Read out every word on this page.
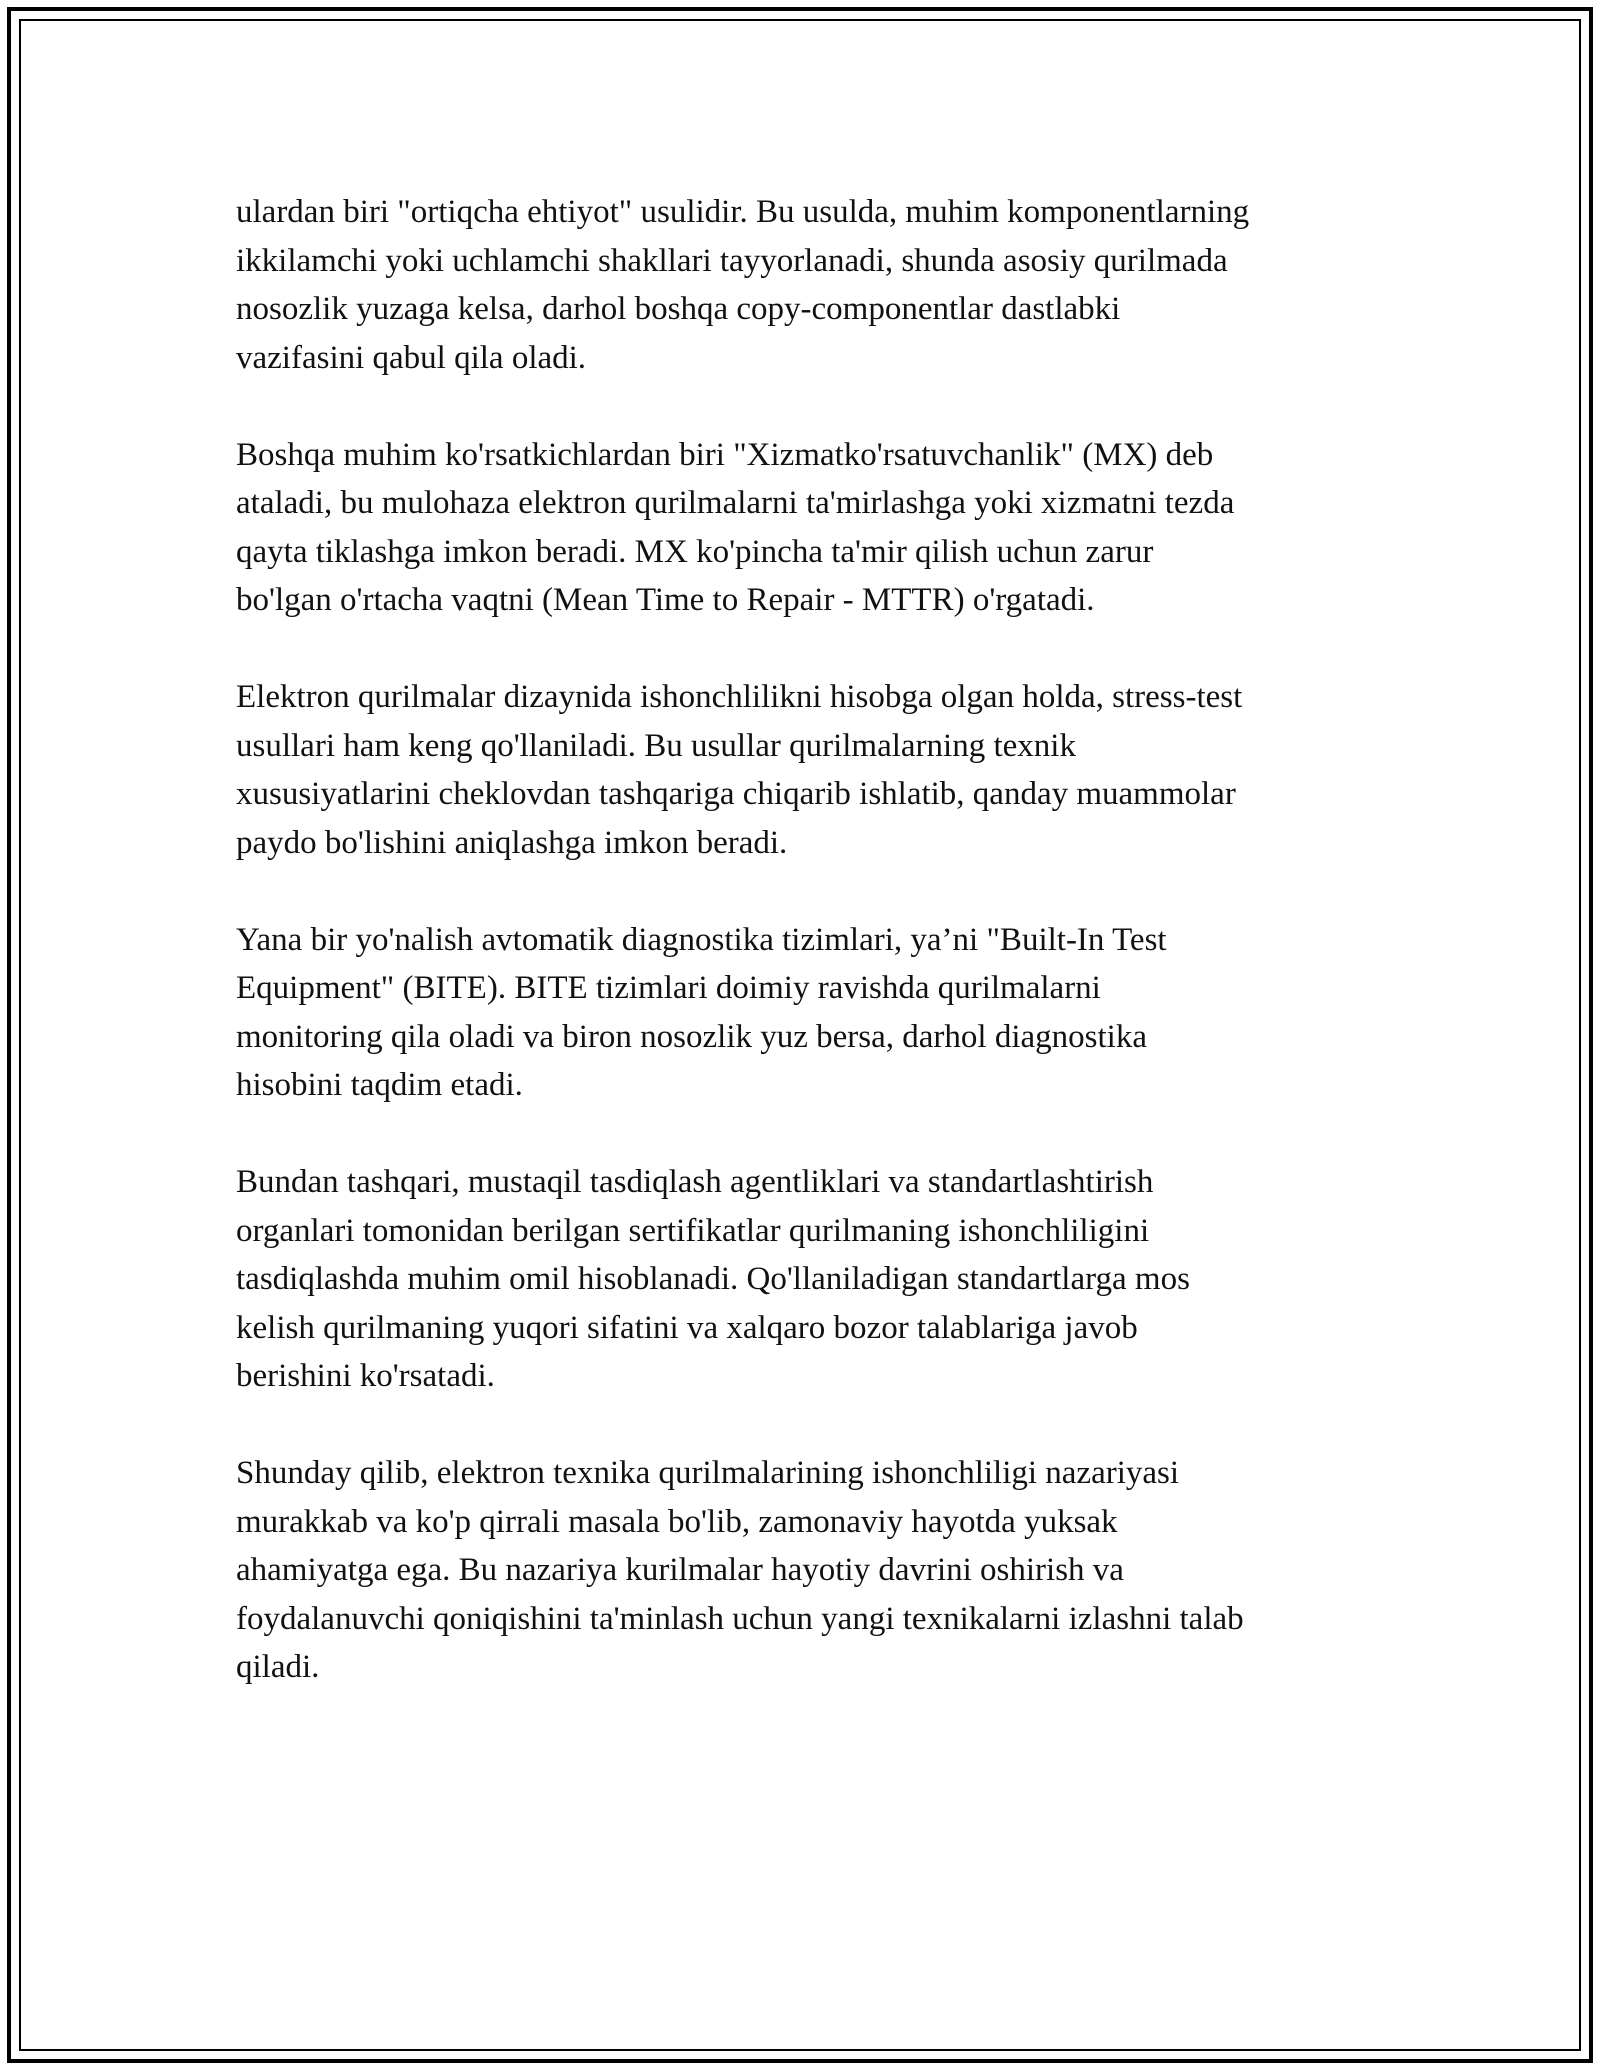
ulardan biri "ortiqcha ehtiyot" usulidir. Bu usulda, muhim komponentlarning
ikkilamchi yoki uchlamchi shakllari tayyorlanadi, shunda asosiy qurilmada
nosozlik yuzaga kelsa, darhol boshqa copy-componentlar dastlabki
vazifasini qabul qila oladi.

Boshqa muhim ko'rsatkichlardan biri "Xizmatko'rsatuvchanlik" (MX) deb
ataladi, bu mulohaza elektron qurilmalarni ta'mirlashga yoki xizmatni tezda
qayta tiklashga imkon beradi. MX ko'pincha ta'mir qilish uchun zarur
bo'lgan o'rtacha vaqtni (Mean Time to Repair - MTTR) o'rgatadi.

Elektron qurilmalar dizaynida ishonchlilikni hisobga olgan holda, stress-test
usullari ham keng qo'llaniladi. Bu usullar qurilmalarning texnik
xususiyatlarini cheklovdan tashqariga chiqarib ishlatib, qanday muammolar
paydo bo'lishini aniqlashga imkon beradi.

Yana bir yo'nalish avtomatik diagnostika tizimlari, ya’ni "Built-In Test
Equipment" (BITE). BITE tizimlari doimiy ravishda qurilmalarni
monitoring qila oladi va biron nosozlik yuz bersa, darhol diagnostika
hisobini taqdim etadi.

Bundan tashqari, mustaqil tasdiqlash agentliklari va standartlashtirish
organlari tomonidan berilgan sertifikatlar qurilmaning ishonchliligini
tasdiqlashda muhim omil hisoblanadi. Qo'llaniladigan standartlarga mos
kelish qurilmaning yuqori sifatini va xalqaro bozor talablariga javob
berishini ko'rsatadi.

Shunday qilib, elektron texnika qurilmalarining ishonchliligi nazariyasi
murakkab va ko'p qirrali masala bo'lib, zamonaviy hayotda yuksak
ahamiyatga ega. Bu nazariya kurilmalar hayotiy davrini oshirish va
foydalanuvchi qoniqishini ta'minlash uchun yangi texnikalarni izlashni talab
qiladi.
